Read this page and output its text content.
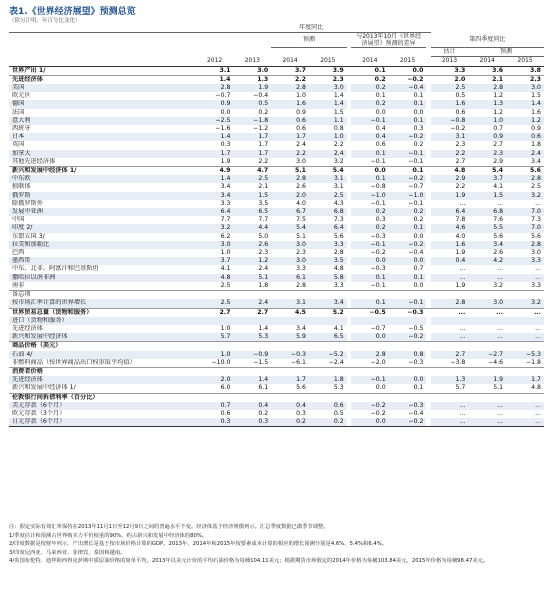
表1.《世界经济展望》预测总览
（除另注明，年百分比变化）
	年度同比										
			预测			与2013年10月《世界经济展望》预测的差异			第四季度同比		
									估计	预测	
	2012	2013	2014	2015		2014	2015		2013	2014	2015
世界产出 1/	3.1	3.0	3.7	3.9		0.1	0.0		3.3	3.6	3.8
先进经济体	1.4	1.3	2.2	2.3		0.2	−0.2		2.0	2.1	2.3
美国	2.8	1.9	2.8	3.0		0.2	−0.4		2.5	2.8	3.0
欧元区	−0.7	−0.4	1.0	1.4		0.1	0.1		0.5	1.2	1.5
德国	0.9	0.5	1.6	1.4		0.2	0.1		1.6	1.3	1.4
法国	0.0	0.2	0.9	1.5		0.0	0.0		0.6	1.2	1.6
意大利	−2.5	−1.8	0.6	1.1		−0.1	0.1		−0.8	1.0	1.2
西班牙	−1.6	−1.2	0.6	0.8		0.4	0.3		−0.2	0.7	0.9
日本	1.4	1.7	1.7	1.0		0.4	−0.2		3.1	0.9	0.6
英国	0.3	1.7	2.4	2.2		0.6	0.2		2.3	2.7	1.8
加拿大	1.7	1.7	2.2	2.4		0.1	−0.1		2.2	2.3	2.4
其他先进经济体	1.9	2.2	3.0	3.2		−0.1	−0.1		2.7	2.9	3.4
新兴和发展中经济体 1/	4.9	4.7	5.1	5.4		0.0	0.1		4.8	5.4	5.6
中东欧	1.4	2.5	2.8	3.1		0.1	−0.2		2.9	3.7	2.8
独联体	3.4	2.1	2.6	3.1		−0.8	−0.7		2.2	4.1	2.5
俄罗斯	3.4	1.5	2.0	2.5		−1.0	−1.0		1.9	1.5	3.2
除俄罗斯外	3.3	3.5	4.0	4.3		−0.1	−0.1		...	...	...
发展中亚洲	6.4	6.5	6.7	6.8		0.2	0.2		6.4	6.8	7.0
中国	7.7	7.7	7.5	7.3		0.3	0.2		7.8	7.6	7.3
印度 2/	3.2	4.4	5.4	6.4		0.2	0.1		4.6	5.5	7.0
东盟五国 3/	6.2	5.0	5.1	5.6		−0.3	0.0		4.0	5.6	5.6
拉美和加勒比	3.0	2.6	3.0	3.3		−0.1	−0.2		1.6	3.4	2.8
巴西	1.0	2.3	2.3	2.8		−0.2	−0.4		1.9	2.6	3.0
墨西哥	3.7	1.2	3.0	3.5		0.0	0.0		0.4	4.2	3.3
中东、北非、阿富汗和巴基斯坦	4.1	2.4	3.3	4.8		−0.3	0.7		...	...	...
撒哈拉以南非洲	4.8	5.1	6.1	5.8		0.1	0.1		...	...	...
南非	2.5	1.8	2.8	3.3		−0.1	0.0		1.9	3.2	3.3
备忘项											
按市场汇率计算的世界增长	2.5	2.4	3.1	3.4		0.1	−0.1		2.8	3.0	3.2
世界贸易总量（货物和服务）	2.7	2.7	4.5	5.2		−0.5	−0.3		...	...	...
进口（货物和服务）											
先进经济体	1.0	1.4	3.4	4.1		−0.7	−0.5		...	...	...
新兴和发展中经济体	5.7	5.3	5.9	6.5		0.0	−0.2		...	...	...
商品价格（美元）											
石油 4/	1.0	−0.9	−0.3	−5.2		2.8	0.8		2.7	−2.7	−5.3
非燃料商品（按世界商品出口权重取平均值）	−10.0	−1.5	−6.1	−2.4		−2.0	−0.3		−3.8	−4.6	−1.8
消费者价格											
先进经济体	2.0	1.4	1.7	1.8		−0.1	0.0		1.3	1.9	1.7
新兴和发展中经济体 1/	6.0	6.1	5.6	5.3		0.0	0.1		5.7	5.1	4.8
伦敦银行间拆借利率（百分比）											
美元存款（6个月）	0.7	0.4	0.4	0.6		−0.2	−0.3		...	...	...
欧元存款（3个月）	0.6	0.2	0.3	0.5		−0.2	−0.4		...	...	...
日元存款（6个月）	0.3	0.3	0.2	0.2		0.0	−0.2		...	...	...

注：假定实际有效汇率保持在2013年11月1日至12月9日之间的普遍水平不变。经济体基于经济规模列示。汇总季度数据已做季节调整。

1/季度估计和预测占世界购买力平价权重的90%，约占新兴和发展中经济体的80%。

2/印度数据是按财年列示，产出增长是基于按市场价格计算的GDP。2013年、2014年和2015年按要素成本计算的相应的增长预测分别是4.6%、5.4%和6.4%。

3/印度尼西亚、马来西亚、菲律宾、泰国和越南。

4/英国布伦特、迪拜和西得克萨斯中质原油价格的简单平均。2013年以美元计价的平均石油价格为每桶104.11美元；根据期货市场假定的2014年价格为每桶103.84美元，2015年价格为每桶98.47美元。
